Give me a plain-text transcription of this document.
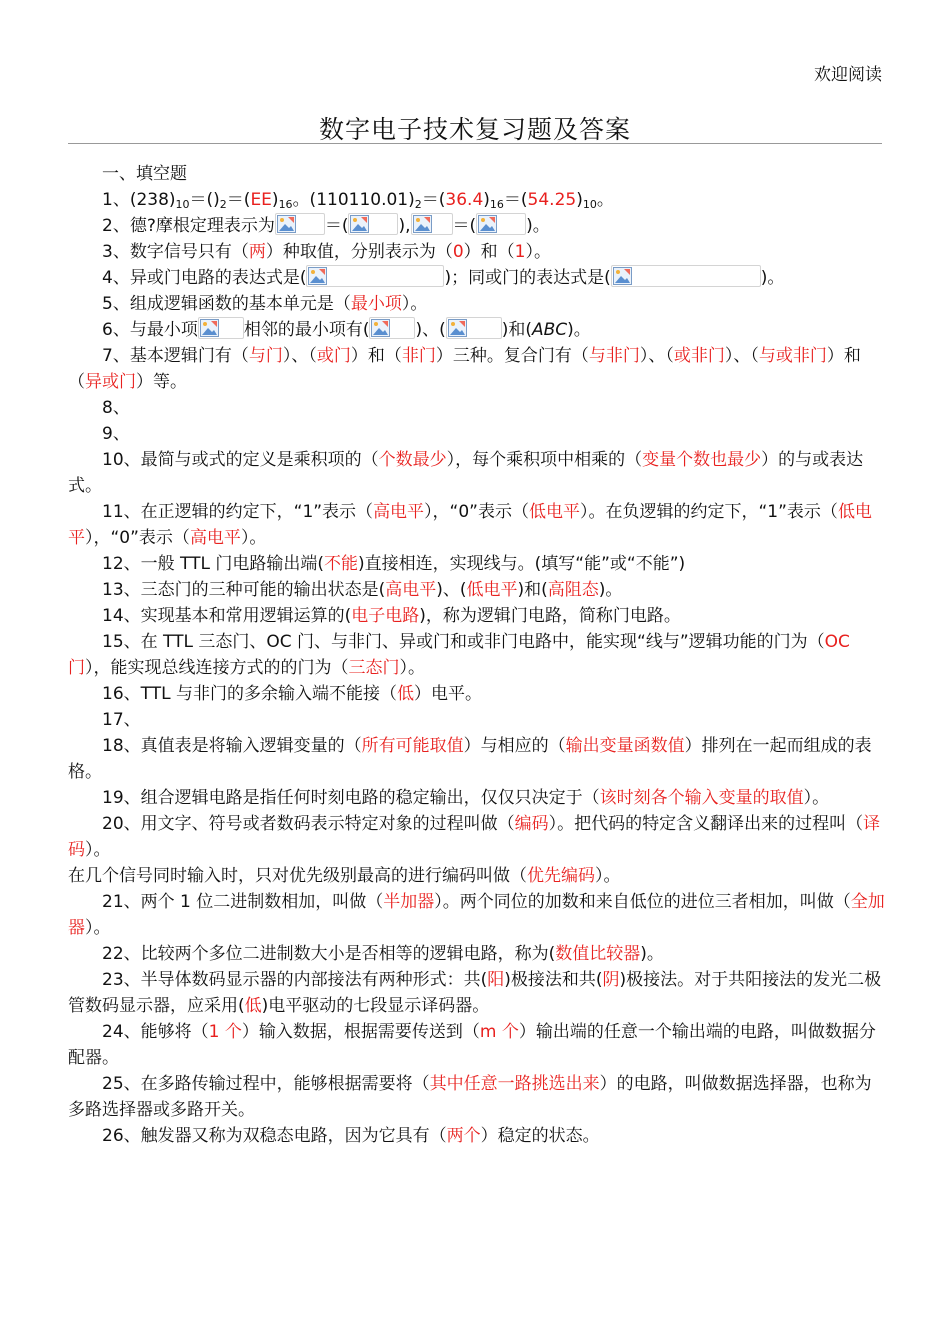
欢迎阅读
数字电子技术复习题及答案
一、填空题
1、$(238)_{10}=()_2=(EE)_{16}$。$(110110.01)_2=(36.4)_{16}=(54.25)_{10}$。
2、德?摩根定理表示为	＝(	), ＝(	)。
3、数字信号只有（两）种取值，分别表示为（0）和（1）。
4、异或门电路的表达式是(	)；同或门的表达式是(	)。
5、组成逻辑函数的基本单元是（最小项）。
6、与最小项	相邻的最小项有(	)、(	)和(ABC)。
7、基本逻辑门有（与门）、（或门）和（非门）三种。复合门有（与非门）、（或非门）、（与或非门）和（异或门）等。
8、
9、
10、最简与或式的定义是乘积项的（个数最少），每个乘积项中相乘的（变量个数也最少）的与或表达式。
11、在正逻辑的约定下，“1”表示（高电平），“0”表示（低电平）。在负逻辑的约定下，“1”表示（低电平），“0”表示（高电平）。
12、一般 TTL 门电路输出端(不能)直接相连，实现线与。(填写“能”或“不能”)
13、三态门的三种可能的输出状态是(高电平)、(低电平)和(高阻态)。
14、实现基本和常用逻辑运算的(电子电路)，称为逻辑门电路，简称门电路。
15、在 TTL 三态门、OC 门、与非门、异或门和或非门电路中，能实现“线与”逻辑功能的门为（OC 门），能实现总线连接方式的的门为（三态门）。
16、TTL 与非门的多余输入端不能接（低）电平。
17、
18、真值表是将输入逻辑变量的（所有可能取值）与相应的（输出变量函数值）排列在一起而组成的表格。
19、组合逻辑电路是指任何时刻电路的稳定输出，仅仅只决定于（该时刻各个输入变量的取值）。
20、用文字、符号或者数码表示特定对象的过程叫做（编码）。把代码的特定含义翻译出来的过程叫（译码）。
在几个信号同时输入时，只对优先级别最高的进行编码叫做（优先编码）。
21、两个 1 位二进制数相加，叫做（半加器）。两个同位的加数和来自低位的进位三者相加，叫做（全加器）。
22、比较两个多位二进制数大小是否相等的逻辑电路，称为(数值比较器)。
23、半导体数码显示器的内部接法有两种形式：共(阳)极接法和共(阴)极接法。对于共阳接法的发光二极管数码显示器，应采用(低)电平驱动的七段显示译码器。
24、能够将（1 个）输入数据，根据需要传送到（m 个）输出端的任意一个输出端的电路，叫做数据分配器。
25、在多路传输过程中，能够根据需要将（其中任意一路挑选出来）的电路，叫做数据选择器，也称为多路选择器或多路开关。
26、触发器又称为双稳态电路，因为它具有（两个）稳定的状态。
